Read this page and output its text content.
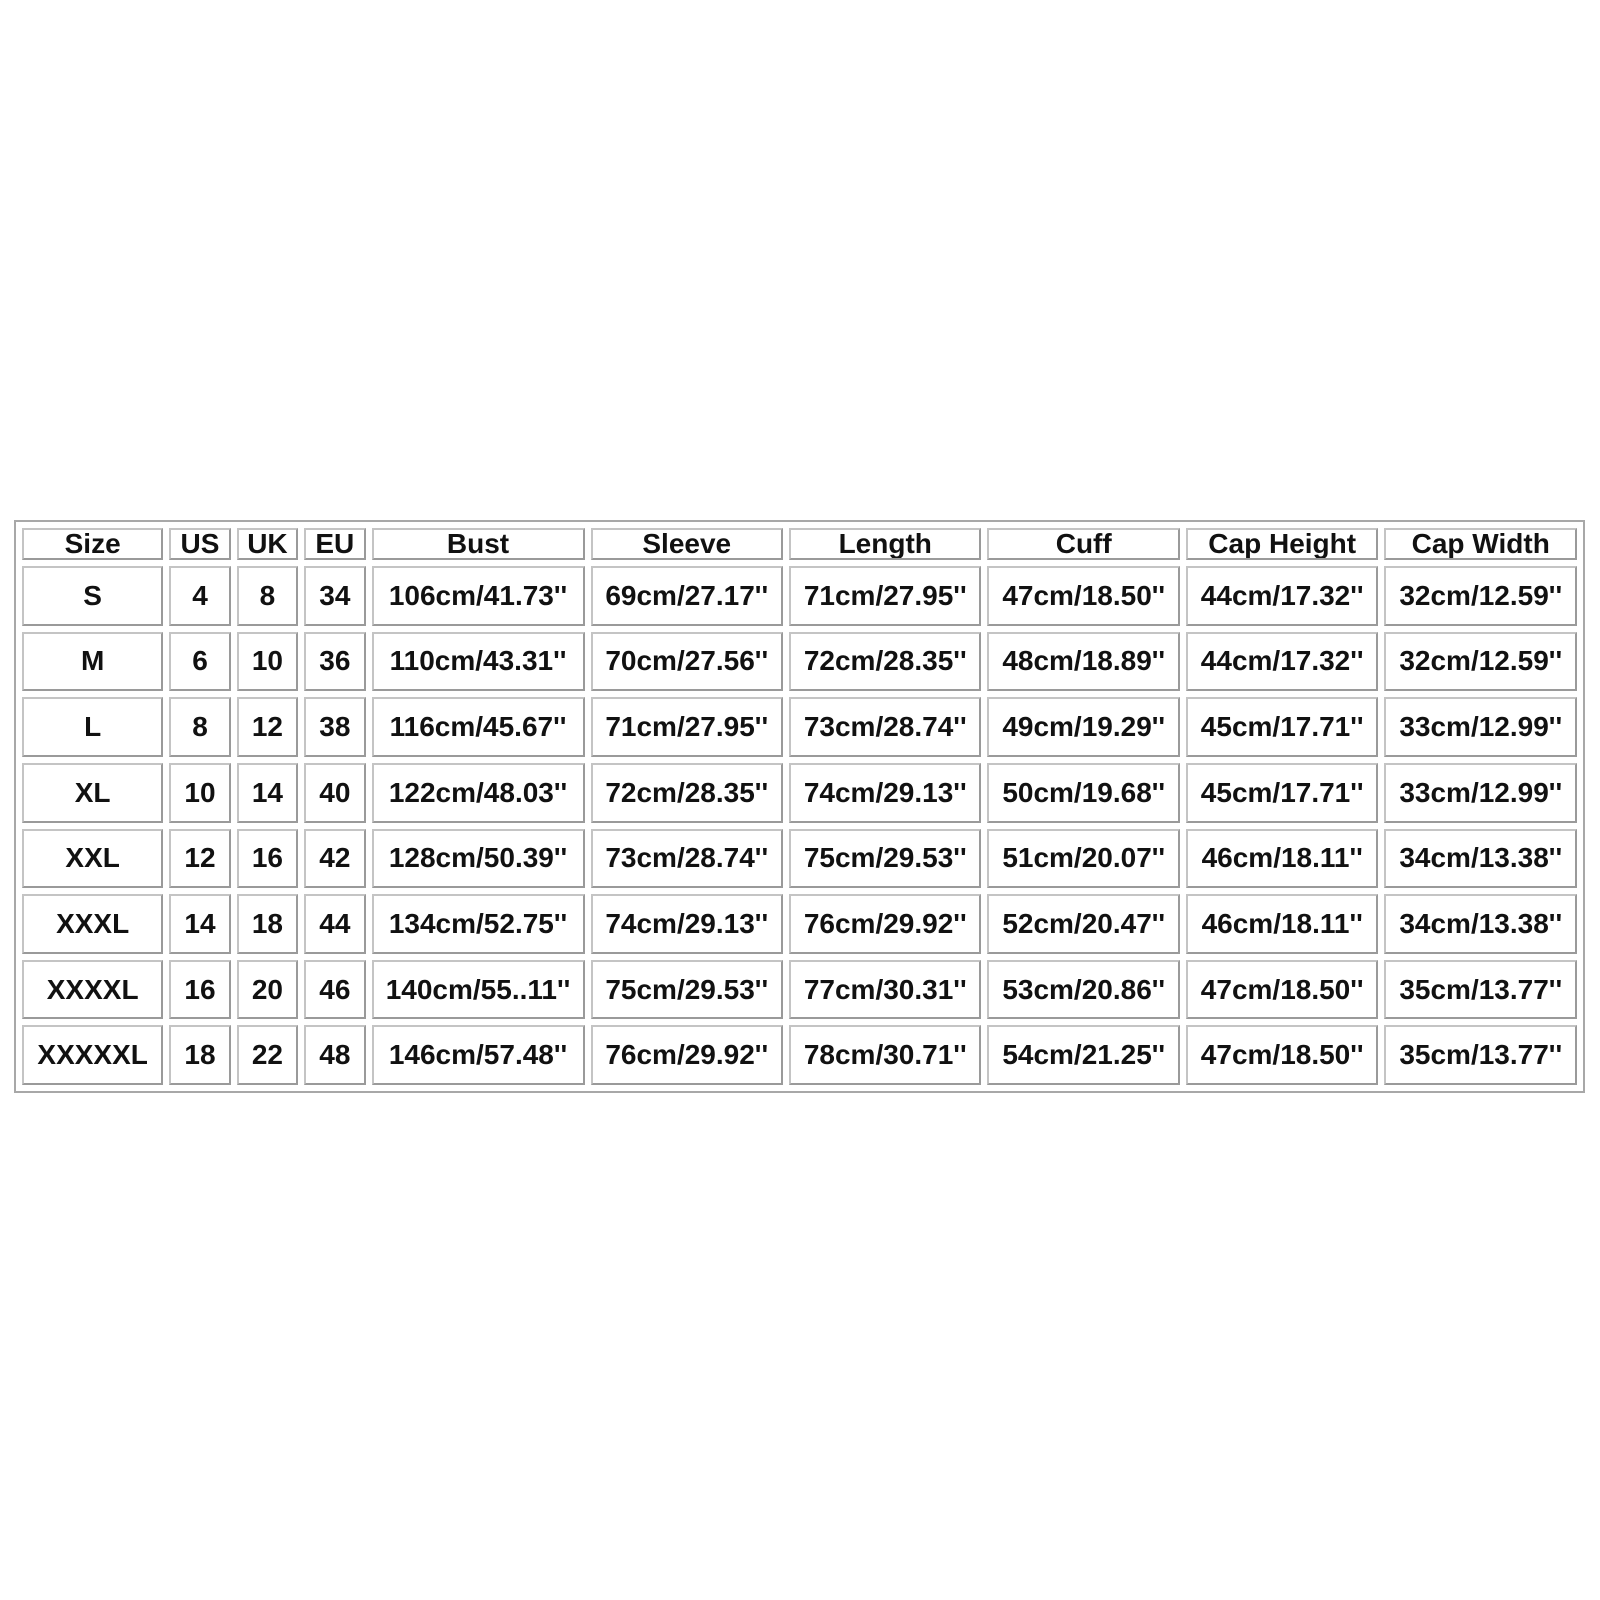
Size	US	UK	EU	Bust	Sleeve	Length	Cuff	Cap Height	Cap Width
S	4	8	34	106cm/41.73''	69cm/27.17''	71cm/27.95''	47cm/18.50''	44cm/17.32''	32cm/12.59''
M	6	10	36	110cm/43.31''	70cm/27.56''	72cm/28.35''	48cm/18.89''	44cm/17.32''	32cm/12.59''
L	8	12	38	116cm/45.67''	71cm/27.95''	73cm/28.74''	49cm/19.29''	45cm/17.71''	33cm/12.99''
XL	10	14	40	122cm/48.03''	72cm/28.35''	74cm/29.13''	50cm/19.68''	45cm/17.71''	33cm/12.99''
XXL	12	16	42	128cm/50.39''	73cm/28.74''	75cm/29.53''	51cm/20.07''	46cm/18.11''	34cm/13.38''
XXXL	14	18	44	134cm/52.75''	74cm/29.13''	76cm/29.92''	52cm/20.47''	46cm/18.11''	34cm/13.38''
XXXXL	16	20	46	140cm/55..11''	75cm/29.53''	77cm/30.31''	53cm/20.86''	47cm/18.50''	35cm/13.77''
XXXXXL	18	22	48	146cm/57.48''	76cm/29.92''	78cm/30.71''	54cm/21.25''	47cm/18.50''	35cm/13.77''
